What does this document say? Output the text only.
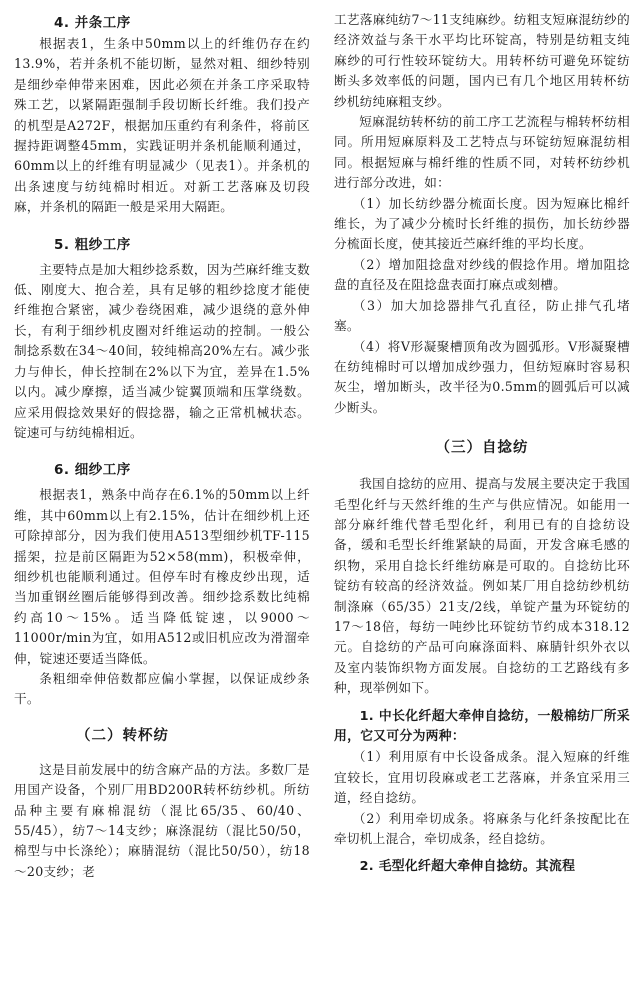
4. 并条工序

根据表1，生条中50mm以上的纤维仍存在约13.9%，若并条机不能切断，显然对粗、细纱特别是细纱牵伸带来困难，因此必须在并条工序采取特殊工艺，以紧隔距强制手段切断长纤维。我们投产的机型是A272F，根据加压重约有利条件，将前区握持距调整45mm，实践证明并条机能顺利通过，60mm以上的纤维有明显减少（见表1）。并条机的出条速度与纺纯棉时相近。对新工艺落麻及切段麻，并条机的隔距一般是采用大隔距。

5. 粗纱工序

主要特点是加大粗纱捻系数，因为苎麻纤维支数低、刚度大、抱合差，具有足够的粗纱捻度才能使纤维抱合紧密，减少卷绕困难，减少退绕的意外伸长，有利于细纱机皮圈对纤维运动的控制。一般公制捻系数在34～40间，较纯棉高20%左右。减少张力与伸长，伸长控制在2%以下为宜，差异在1.5%以内。减少摩擦，适当减少锭翼顶端和压掌绕数。应采用假捻效果好的假捻器，输之正常机械状态。锭速可与纺纯棉相近。

6. 细纱工序

根据表1，熟条中尚存在6.1%的50mm以上纤维，其中60mm以上有2.15%，估计在细纱机上还可除掉部分，因为我们使用A513型细纱机TF-115摇架，拉是前区隔距为52×58(mm)，积极牵伸，细纱机也能顺利通过。但停车时有橡皮纱出现，适当加重钢丝圈后能够得到改善。细纱捻系数比纯棉约高10～15%。适当降低锭速，以9000～11000r/min为宜，如用A512或旧机应改为滑溜牵伸，锭速还要适当降低。

条粗细牵伸倍数都应偏小掌握，以保证成纱条干。

（二）转杯纺

这是目前发展中的纺含麻产品的方法。多数厂是用国产设备，个别厂用BD200R转杯纺纱机。所纺品种主要有麻棉混纺（混比65/35、60/40、55/45），纺7～14支纱；麻涤混纺（混比50/50，棉型与中长涤纶）；麻腈混纺（混比50/50），纺18～20支纱；老

工艺落麻纯纺7～11支纯麻纱。纺粗支短麻混纺纱的经济效益与条干水平均比环锭高，特别是纺粗支纯麻纱的可行性较环锭纺大。用转杯纺可避免环锭纺断头多效率低的问题，国内已有几个地区用转杯纺纱机纺纯麻粗支纱。

短麻混纺转杯纺的前工序工艺流程与棉转杯纺相同。所用短麻原料及工艺特点与环锭纺短麻混纺相同。根据短麻与棉纤维的性质不同，对转杯纺纱机进行部分改进，如：

（1）加长纺纱器分梳面长度。因为短麻比棉纤维长，为了减少分梳时长纤维的损伤，加长纺纱器分梳面长度，使其接近苎麻纤维的平均长度。

（2）增加阻捻盘对纱线的假捻作用。增加阻捻盘的直径及在阻捻盘表面打麻点或刻槽。

（3）加大加捻器排气孔直径，防止排气孔堵塞。

（4）将V形凝聚槽顶角改为圆弧形。V形凝聚槽在纺纯棉时可以增加成纱强力，但纺短麻时容易积灰尘，增加断头，改半径为0.5mm的圆弧后可以减少断头。

（三）自捻纺

我国自捻纺的应用、提高与发展主要决定于我国毛型化纤与天然纤维的生产与供应情况。如能用一部分麻纤维代替毛型化纤，利用已有的自捻纺设备，缓和毛型长纤维紧缺的局面，开发含麻毛感的织物，采用自捻长纤维纺麻是可取的。自捻纺比环锭纺有较高的经济效益。例如某厂用自捻纺纱机纺制涤麻（65/35）21支/2线，单锭产量为环锭纺的17～18倍，每纺一吨纱比环锭纺节约成本318.12元。自捻纺的产品可向麻涤面料、麻腈针织外衣以及室内装饰织物方面发展。自捻纺的工艺路线有多种，现举例如下。

1. 中长化纤超大牵伸自捻纺，一般棉纺厂所采用，它又可分为两种：

（1）利用原有中长设备成条。混入短麻的纤维宜较长，宜用切段麻或老工艺落麻，并条宜采用三道，经自捻纺。

（2）利用牵切成条。将麻条与化纤条按配比在牵切机上混合，牵切成条，经自捻纺。

2. 毛型化纤超大牵伸自捻纺。其流程
